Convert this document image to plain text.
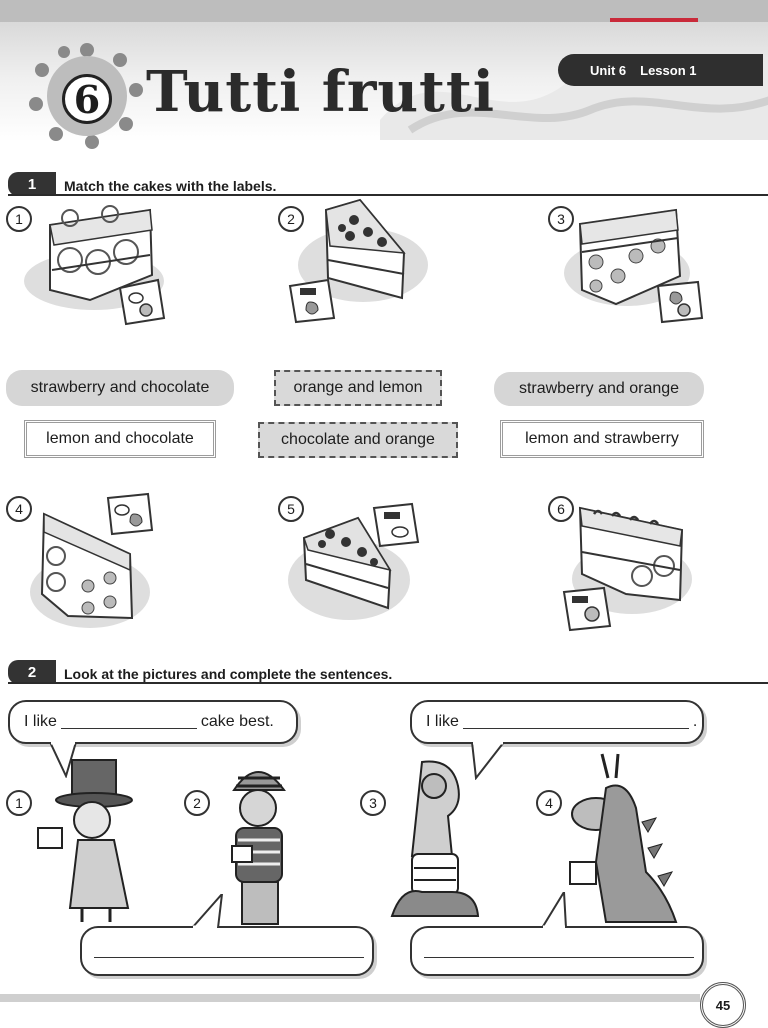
6 Tutti frutti	Unit 6 Lesson 1
1	Match the cakes with the labels.
1	2	3
strawberry and chocolate	orange and lemon	strawberry and orange
lemon and chocolate	chocolate and orange	lemon and strawberry
4	5	6
2	Look at the pictures and complete the sentences.
I like	cake best.	I like	.
1	2	3	4
45
